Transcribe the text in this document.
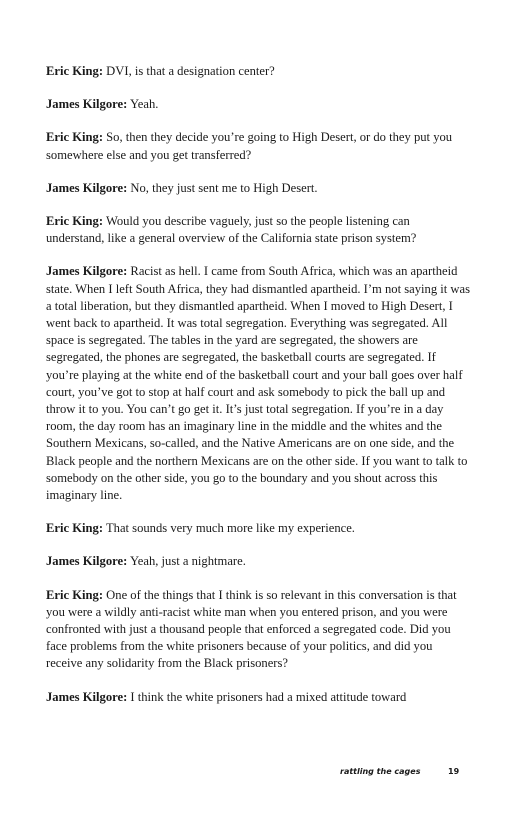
Eric King: DVI, is that a designation center?

James Kilgore: Yeah.

Eric King: So, then they decide you’re going to High Desert, or do they put you somewhere else and you get transferred?

James Kilgore: No, they just sent me to High Desert.

Eric King: Would you describe vaguely, just so the people listening can understand, like a general overview of the California state prison system?

James Kilgore: Racist as hell. I came from South Africa, which was an apartheid state. When I left South Africa, they had dismantled apartheid. I’m not saying it was a total liberation, but they dismantled apartheid. When I moved to High Desert, I went back to apartheid. It was total segregation. Everything was segregated. All space is segregated. The tables in the yard are segregated, the showers are segregated, the phones are segregated, the basketball courts are segregated. If you’re playing at the white end of the basketball court and your ball goes over half court, you’ve got to stop at half court and ask somebody to pick the ball up and throw it to you. You can’t go get it. It’s just total segregation. If you’re in a day room, the day room has an imaginary line in the middle and the whites and the Southern Mexicans, so-called, and the Native Americans are on one side, and the Black people and the northern Mexicans are on the other side. If you want to talk to somebody on the other side, you go to the boundary and you shout across this imaginary line.

Eric King: That sounds very much more like my experience.

James Kilgore: Yeah, just a nightmare.

Eric King: One of the things that I think is so relevant in this conversation is that you were a wildly anti-racist white man when you entered prison, and you were confronted with just a thousand people that enforced a segregated code. Did you face problems from the white prisoners because of your politics, and did you receive any solidarity from the Black prisoners?

James Kilgore: I think the white prisoners had a mixed attitude toward

rattling the cages	19
